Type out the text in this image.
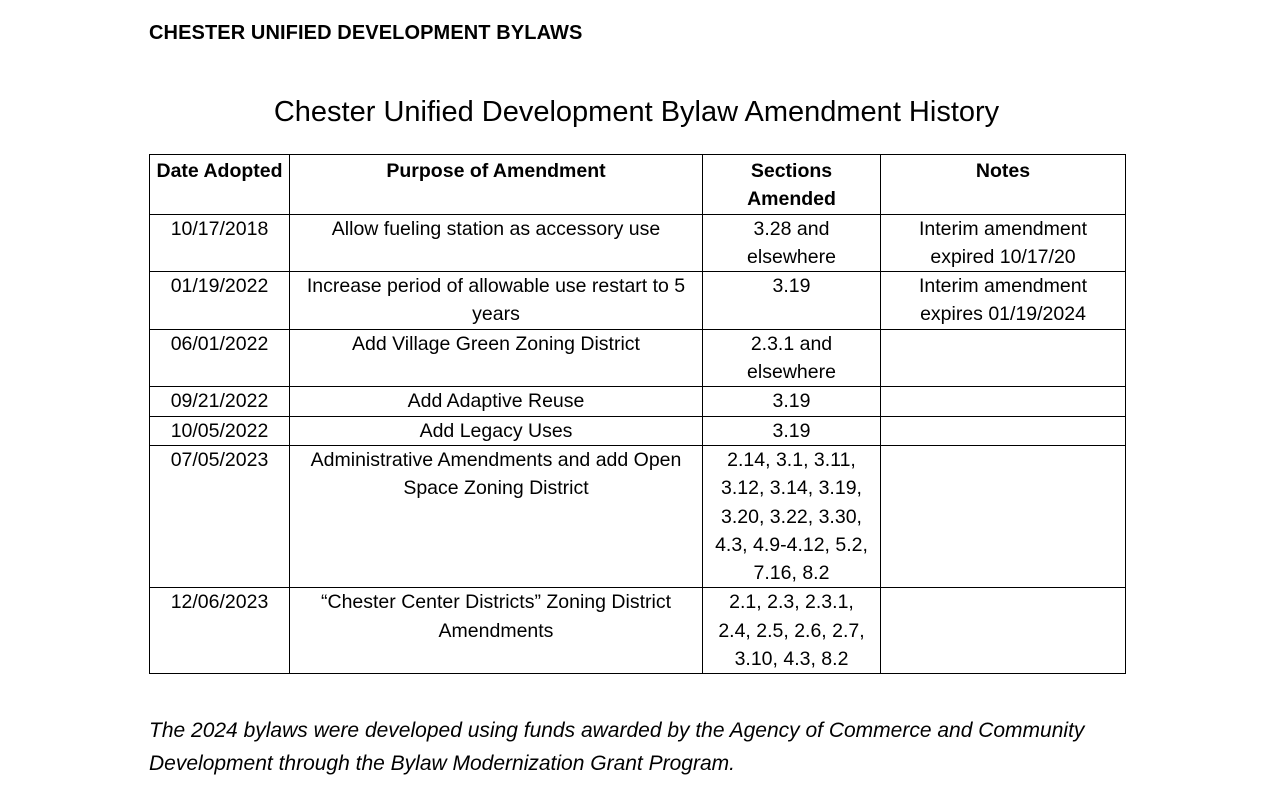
CHESTER UNIFIED DEVELOPMENT BYLAWS
Chester Unified Development Bylaw Amendment History
Date Adopted	Purpose of Amendment	Sections Amended	Notes
10/17/2018	Allow fueling station as accessory use	3.28 and elsewhere	Interim amendment expired 10/17/20
01/19/2022	Increase period of allowable use restart to 5 years	3.19	Interim amendment expires 01/19/2024
06/01/2022	Add Village Green Zoning District	2.3.1 and elsewhere	
09/21/2022	Add Adaptive Reuse	3.19	
10/05/2022	Add Legacy Uses	3.19	
07/05/2023	Administrative Amendments and add Open Space Zoning District	2.14, 3.1, 3.11, 3.12, 3.14, 3.19, 3.20, 3.22, 3.30, 4.3, 4.9-4.12, 5.2, 7.16, 8.2	
12/06/2023	“Chester Center Districts” Zoning District Amendments	2.1, 2.3, 2.3.1, 2.4, 2.5, 2.6, 2.7, 3.10, 4.3, 8.2	
The 2024 bylaws were developed using funds awarded by the Agency of Commerce and Community Development through the Bylaw Modernization Grant Program.
